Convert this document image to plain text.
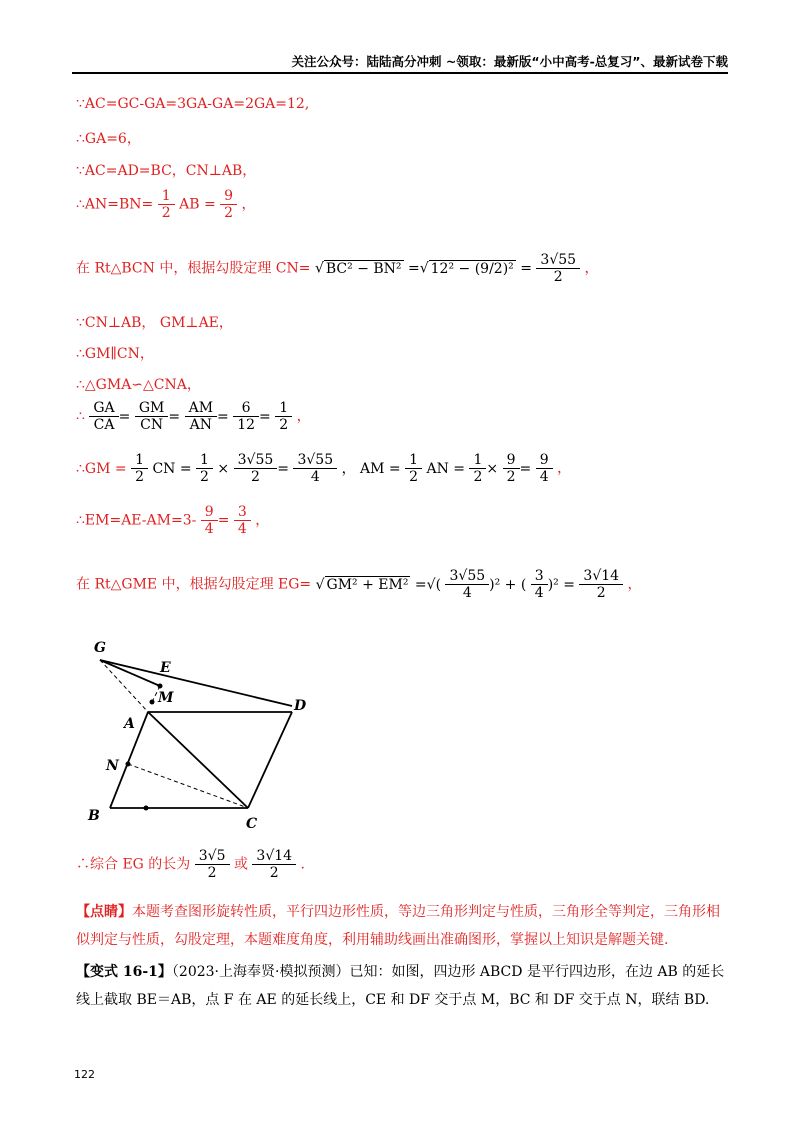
关注公众号：陆陆高分冲刺 ~领取：最新版“小中高考-总复习”、最新试卷下载
∵AC=GC-GA=3GA-GA=2GA=12,
∴GA=6，
∵AC=AD=BC，CN⊥AB，
∴AN=BN= $\frac{1}{2}$ AB = $\frac{9}{2}$ ，
在 Rt△BCN 中，根据勾股定理 CN= √ BC² − BN² =√ $12^2 - (9/2)^2 = \frac{3√55}{2}$ ，
∵CN⊥AB， GM⊥AE，
∴GM∥CN，
∴△GMA∽△CNA，
∴ $\frac{GA}{CA} = \frac{GM}{CN} = \frac{AM}{AN} = \frac{6}{12} = \frac{1}{2}$ ，
∴GM = $\frac{1}{2}$ CN = $\frac{1}{2} \times \frac{3√55}{2} = \frac{3√55}{4}$ ， AM = $\frac{1}{2}$ AN = $\frac{1}{2} \times \frac{9}{2} = \frac{9}{4}$ ，
∴EM=AE-AM=3- $\frac{9}{4} = \frac{3}{4}$ ，
在 Rt△GME 中，根据勾股定理 EG= √ GM² + EM² =√( $\frac{3√55}{4} )^2$ + ( $\frac{3}{4} )^2 = \frac{3√14}{2}$ ，
G
E
M	D
A
N
B	C
∴综合 EG 的长为 $\frac{3√5}{2}$ 或 $\frac{3√14}{2}$ .
【点睛】本题考查图形旋转性质，平行四边形性质，等边三角形判定与性质，三角形全等判定，三角形相似判定与性质，勾股定理，本题难度角度，利用辅助线画出准确图形，掌握以上知识是解题关键.
【变式 16-1】（2023·上海奉贤·模拟预测）已知：如图，四边形 ABCD 是平行四边形，在边 AB 的延长线上截取 BE＝AB，点 F 在 AE 的延长线上，CE 和 DF 交于点 M，BC 和 DF 交于点 N，联结 BD.
122
